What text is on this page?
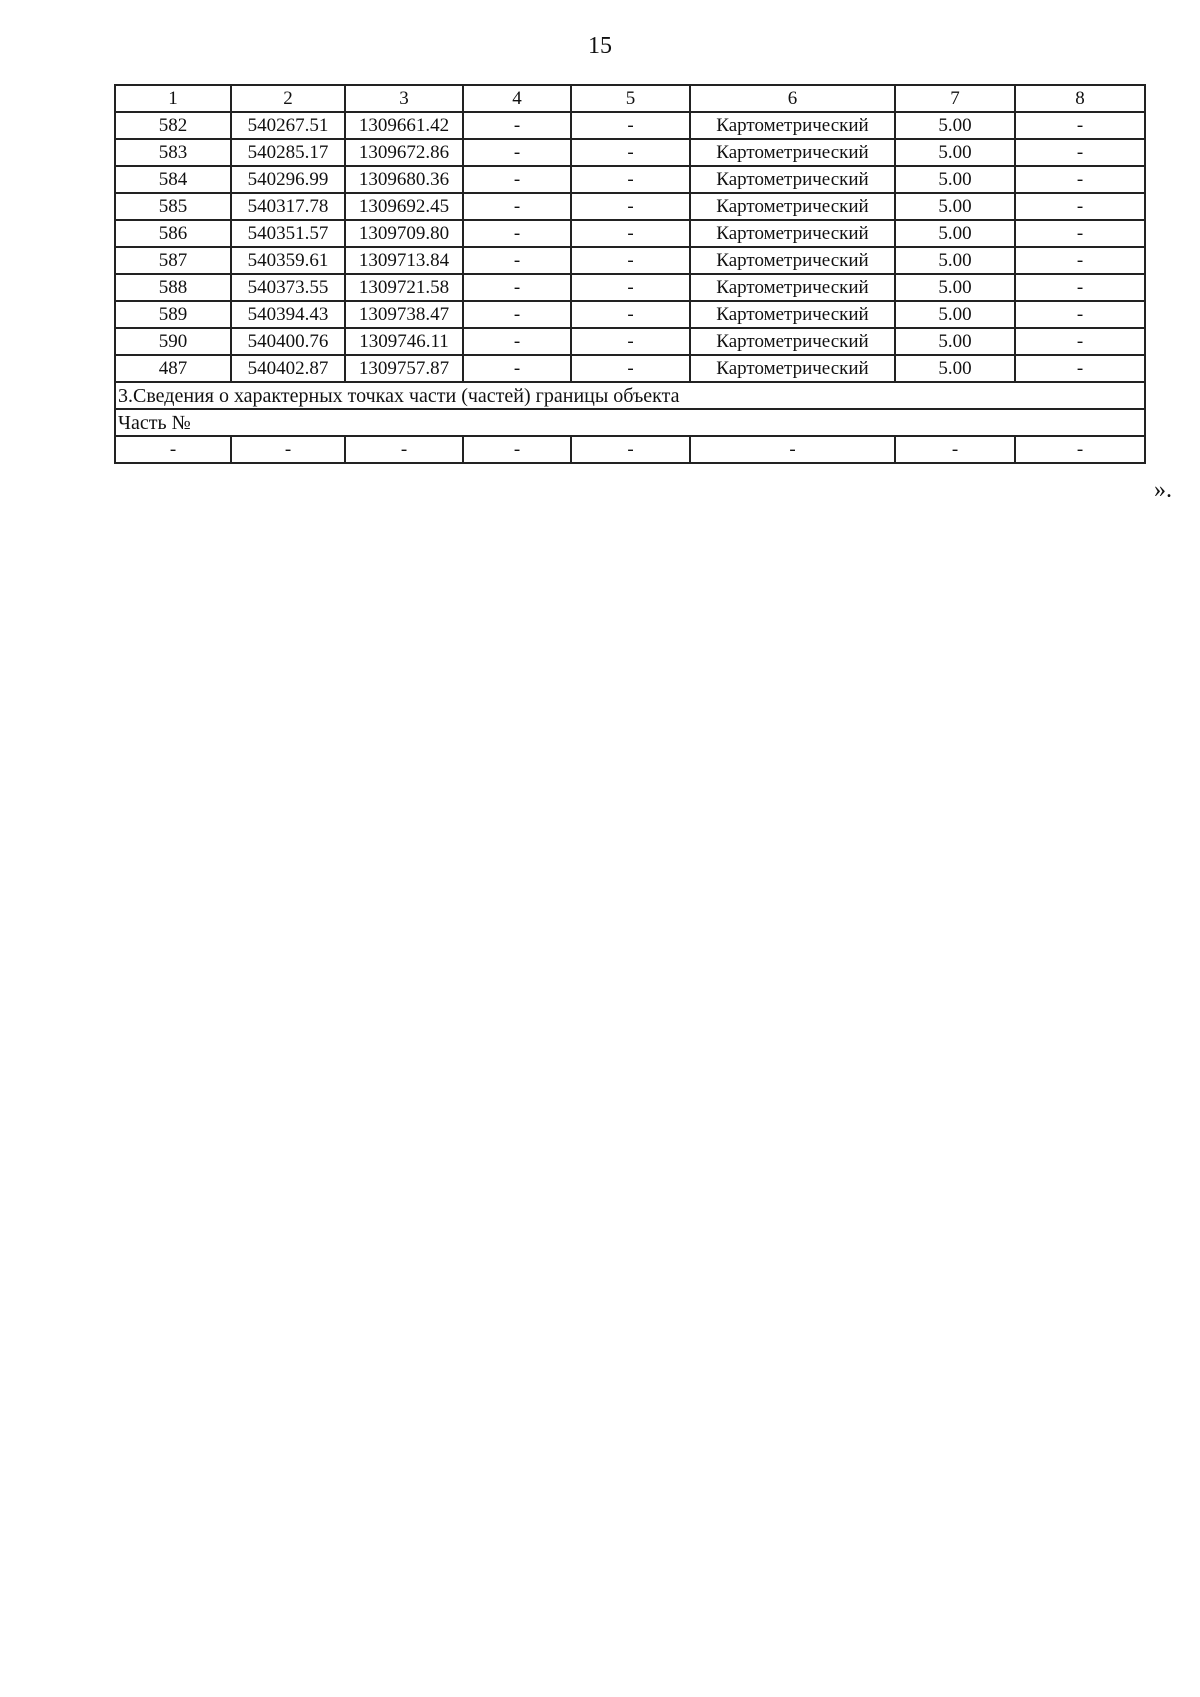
15
1	2	3	4	5	6	7	8
582	540267.51	1309661.42	-	-	Картометрический	5.00	-
583	540285.17	1309672.86	-	-	Картометрический	5.00	-
584	540296.99	1309680.36	-	-	Картометрический	5.00	-
585	540317.78	1309692.45	-	-	Картометрический	5.00	-
586	540351.57	1309709.80	-	-	Картометрический	5.00	-
587	540359.61	1309713.84	-	-	Картометрический	5.00	-
588	540373.55	1309721.58	-	-	Картометрический	5.00	-
589	540394.43	1309738.47	-	-	Картометрический	5.00	-
590	540400.76	1309746.11	-	-	Картометрический	5.00	-
487	540402.87	1309757.87	-	-	Картометрический	5.00	-
3.Сведения о характерных точках части (частей) границы объекта							
Часть №							
-	-	-	-	-	-	-	-
».
